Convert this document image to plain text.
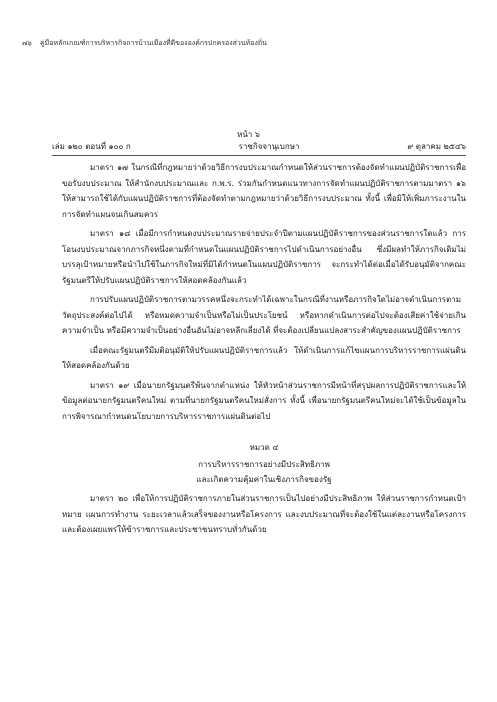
๗๖ คู่มือหลักเกณฑ์การบริหารกิจการบ้านเมืองที่ดีขององค์กรปกครองส่วนท้องถิ่น
หน้า ๖
เล่ม ๑๒๐ ตอนที่ ๑๐๐ ก	ราชกิจจานุเบกษา	๙ ตุลาคม ๒๕๔๖

มาตรา ๑๗ ในกรณีที่กฎหมายว่าด้วยวิธีการงบประมาณกำหนดให้ส่วนราชการต้องจัดทำแผนปฏิบัติราชการเพื่อขอรับงบประมาณ ให้สำนักงบประมาณและ ก.พ.ร. ร่วมกันกำหนดแนวทางการจัดทำแผนปฏิบัติราชการตามมาตรา ๑๖ ให้สามารถใช้ได้กับแผนปฏิบัติราชการที่ต้องจัดทำตามกฎหมายว่าด้วยวิธีการงบประมาณ ทั้งนี้ เพื่อมิให้เพิ่มภาระงานในการจัดทำแผนจนเกินสมควร

มาตรา ๑๘ เมื่อมีการกำหนดงบประมาณรายจ่ายประจำปีตามแผนปฏิบัติราชการของส่วนราชการใดแล้ว การโอนงบประมาณจากภารกิจหนึ่งตามที่กำหนดในแผนปฏิบัติราชการไปดำเนินการอย่างอื่น ซึ่งมีผลทำให้ภารกิจเดิมไม่บรรลุเป้าหมายหรือนำไปใช้ในภารกิจใหม่ที่มิได้กำหนดในแผนปฏิบัติราชการ จะกระทำได้ต่อเมื่อได้รับอนุมัติจากคณะรัฐมนตรีให้ปรับแผนปฏิบัติราชการให้สอดคล้องกันแล้ว

การปรับแผนปฏิบัติราชการตามวรรคหนึ่งจะกระทำได้เฉพาะในกรณีที่งานหรือภารกิจใดไม่อาจดำเนินการตามวัตถุประสงค์ต่อไปได้ หรือหมดความจำเป็นหรือไม่เป็นประโยชน์ หรือหากดำเนินการต่อไปจะต้องเสียค่าใช้จ่ายเกินความจำเป็น หรือมีความจำเป็นอย่างอื่นอันไม่อาจหลีกเลี่ยงได้ ที่จะต้องเปลี่ยนแปลงสาระสำคัญของแผนปฏิบัติราชการ

เมื่อคณะรัฐมนตรีมีมติอนุมัติให้ปรับแผนปฏิบัติราชการแล้ว ให้ดำเนินการแก้ไขแผนการบริหารราชการแผ่นดินให้สอดคล้องกันด้วย

มาตรา ๑๙ เมื่อนายกรัฐมนตรีพ้นจากตำแหน่ง ให้หัวหน้าส่วนราชการมีหน้าที่สรุปผลการปฏิบัติราชการและให้ข้อมูลต่อนายกรัฐมนตรีคนใหม่ ตามที่นายกรัฐมนตรีคนใหม่สั่งการ ทั้งนี้ เพื่อนายกรัฐมนตรีคนใหม่จะได้ใช้เป็นข้อมูลในการพิจารณากำหนดนโยบายการบริหารราชการแผ่นดินต่อไป

หมวด ๔
การบริหารราชการอย่างมีประสิทธิภาพ
และเกิดความคุ้มค่าในเชิงภารกิจของรัฐ

มาตรา ๒๐ เพื่อให้การปฏิบัติราชการภายในส่วนราชการเป็นไปอย่างมีประสิทธิภาพ ให้ส่วนราชการกำหนดเป้าหมาย แผนการทำงาน ระยะเวลาแล้วเสร็จของงานหรือโครงการ และงบประมาณที่จะต้องใช้ในแต่ละงานหรือโครงการ และต้องเผยแพร่ให้ข้าราชการและประชาชนทราบทั่วกันด้วย
